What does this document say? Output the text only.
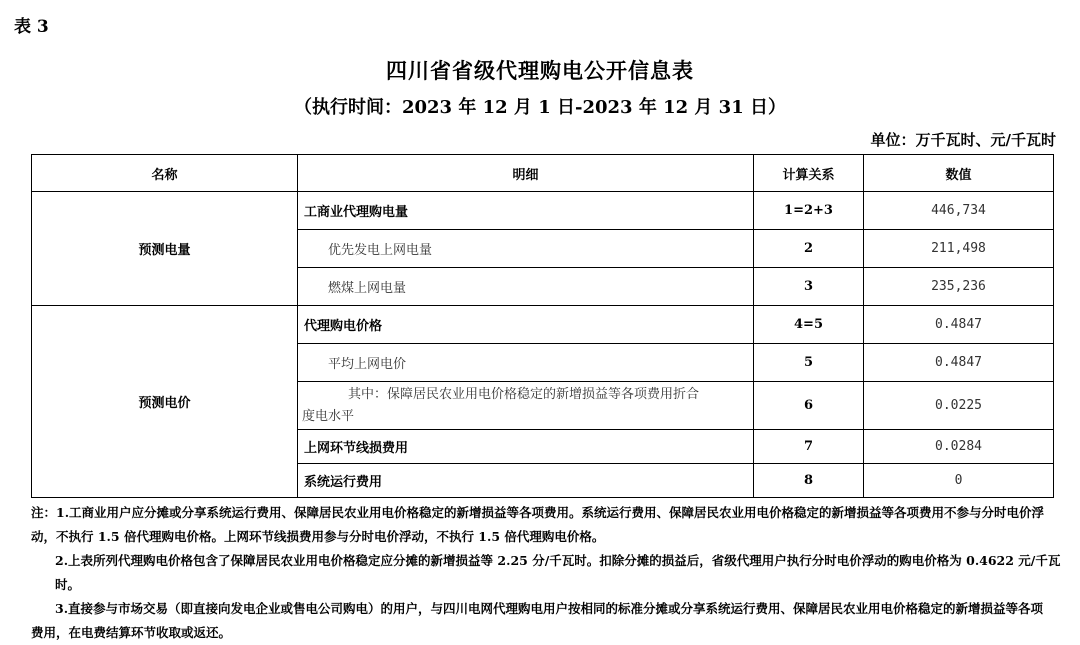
表 3
四川省省级代理购电公开信息表
（执行时间：2023 年 12 月 1 日-2023 年 12 月 31 日）
单位：万千瓦时、元/千瓦时
名称	明细	计算关系	数值
预测电量	工商业代理购电量	1=2+3	446,734
	优先发电上网电量	2	211,498
	燃煤上网电量	3	235,236
预测电价	代理购电价格	4=5	0.4847
	平均上网电价	5	0.4847

	其中：保障居民农业用电价格稳定的新增损益等各项费用折合
度电水平	6	0.0225
	上网环节线损费用	7	0.0284
	系统运行费用	8	0

注：1.工商业用户应分摊或分享系统运行费用、保障居民农业用电价格稳定的新增损益等各项费用。系统运行费用、保障居民农业用电价格稳定的新增损益等各项费用不参与分时电价浮

动，不执行 1.5 倍代理购电价格。上网环节线损费用参与分时电价浮动，不执行 1.5 倍代理购电价格。

2.上表所列代理购电价格包含了保障居民农业用电价格稳定应分摊的新增损益等 2.25 分/千瓦时。扣除分摊的损益后，省级代理用户执行分时电价浮动的购电价格为 0.4622 元/千瓦时。

3.直接参与市场交易（即直接向发电企业或售电公司购电）的用户，与四川电网代理购电用户按相同的标准分摊或分享系统运行费用、保障居民农业用电价格稳定的新增损益等各项

费用，在电费结算环节收取或返还。
